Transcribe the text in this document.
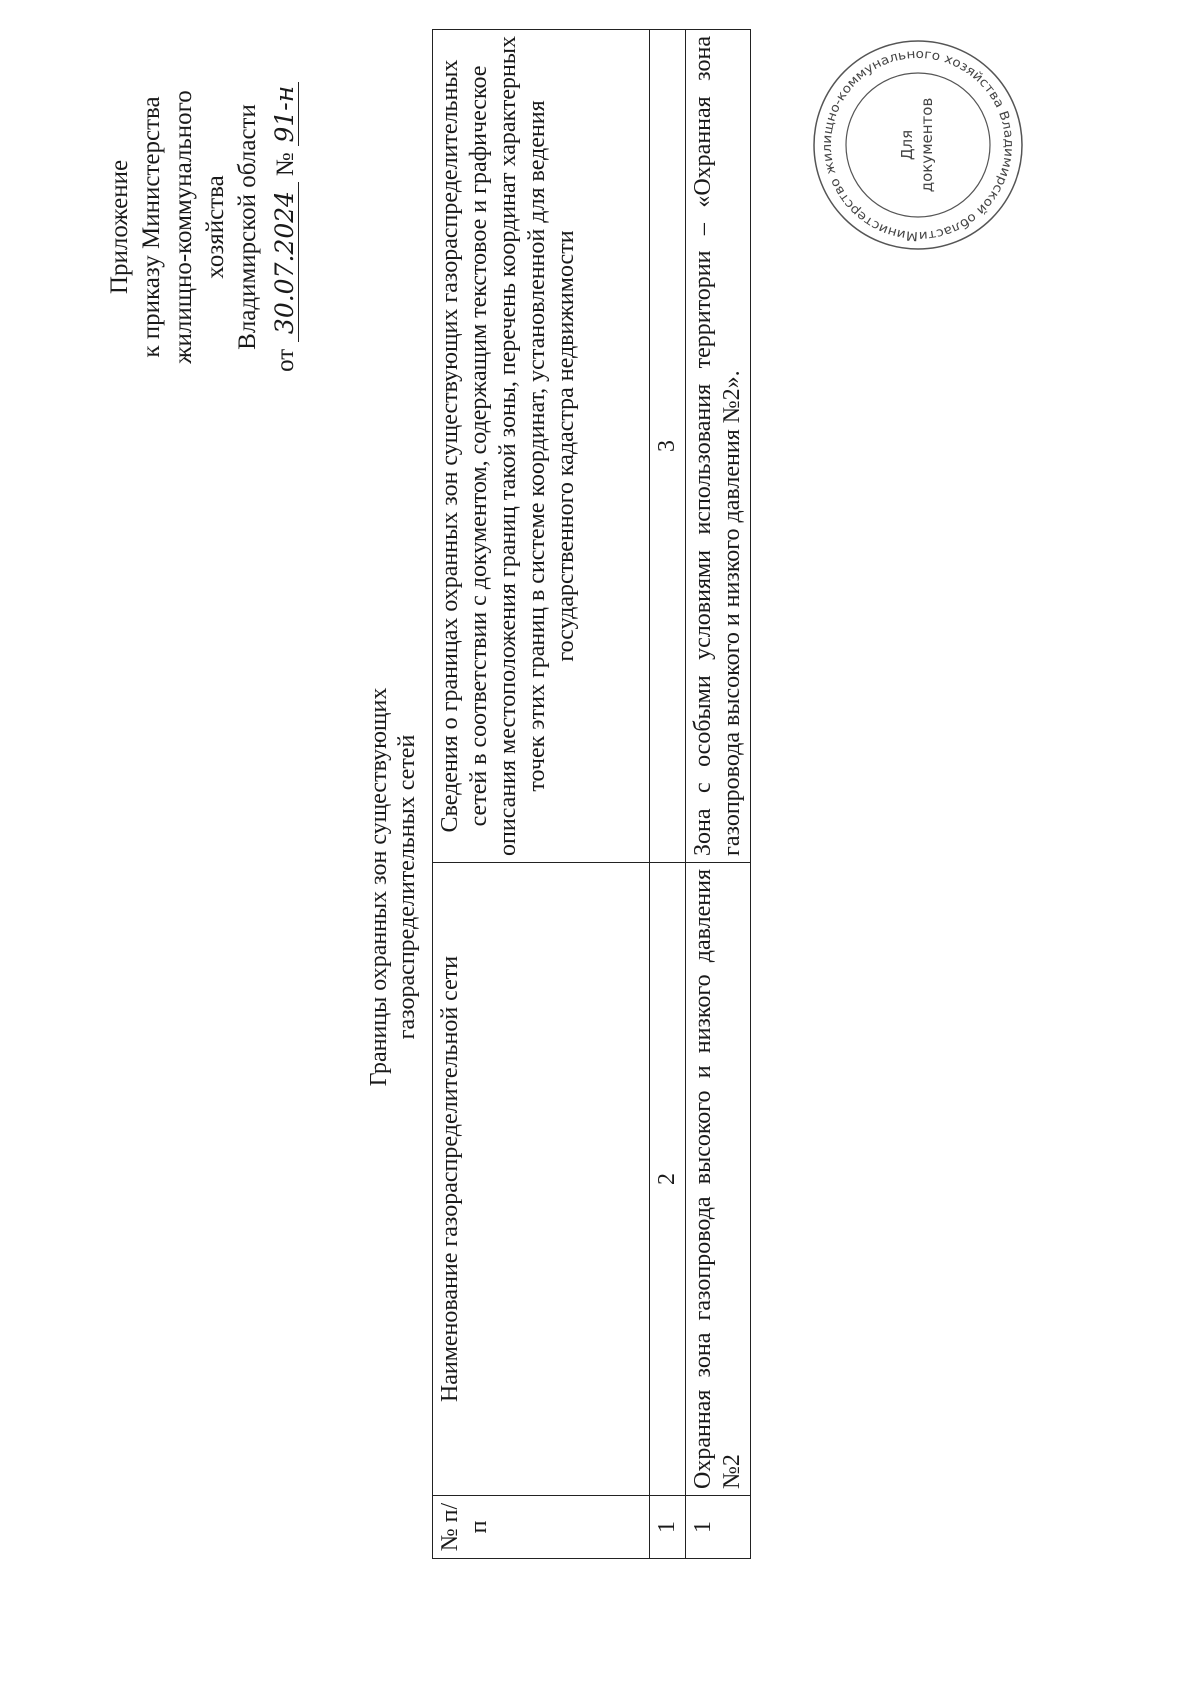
Приложение к приказу Министерства жилищно-коммунального хозяйства Владимирской области
от 30.07.2024 № 91-н
Границы охранных зон существующих газораспределительных сетей
№ п/п	Наименование газораспределительной сети	Сведения о границах охранных зон существующих газораспределительных сетей в соответствии с документом, содержащим текстовое и графическое описания местоположения границ такой зоны, перечень координат характерных точек этих границ в системе координат, установленной для ведения государственного кадастра недвижимости
1	2	3
1	Охранная зона газопровода высокого и низкого давления №2	Зона с особыми условиями использования территории – «Охранная зона газопровода высокого и низкого давления №2».
Министерство жилищно-коммунального хозяйства Владимирской области
Для документов
